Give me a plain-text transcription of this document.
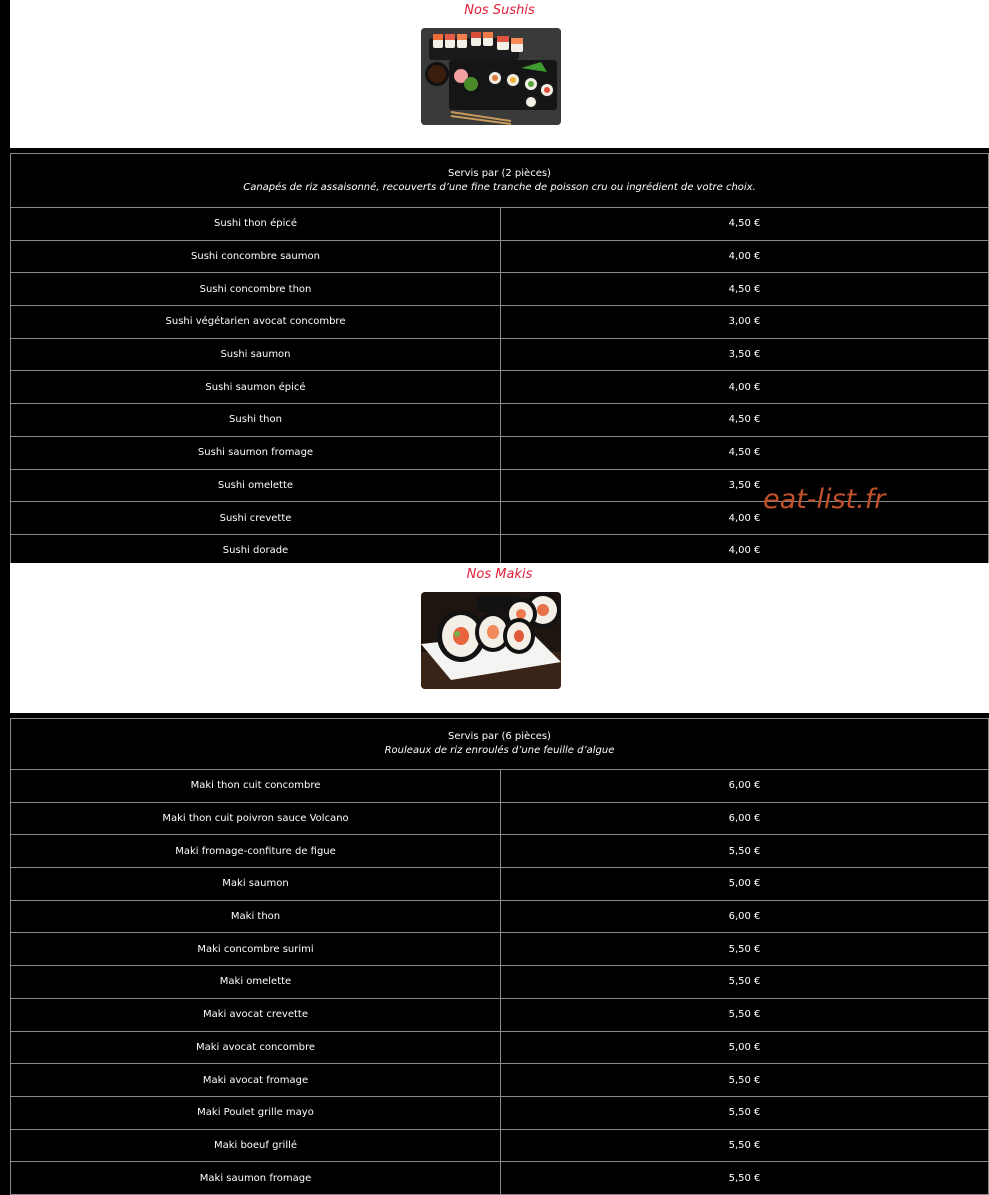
Nos Sushis
Servis par (2 pièces)
Canapés de riz assaisonné, recouverts d’une fine tranche de poisson cru ou ingrédient de votre choix.	

Sushi thon épicé	4,50 €
Sushi concombre saumon	4,00 €
Sushi concombre thon	4,50 €
Sushi végétarien avocat concombre	3,00 €
Sushi saumon	3,50 €
Sushi saumon épicé	4,00 €
Sushi thon	4,50 €
Sushi saumon fromage	4,50 €
Sushi omelette	3,50 €
Sushi crevette	4,00 €
Sushi dorade	4,00 €
Nos Makis
Servis par (6 pièces)
Rouleaux de riz enroulés d’une feuille d’algue	

Maki thon cuit concombre	6,00 €
Maki thon cuit poivron sauce Volcano	6,00 €
Maki fromage-confiture de figue	5,50 €
Maki saumon	5,00 €
Maki thon	6,00 €
Maki concombre surimi	5,50 €
Maki omelette	5,50 €
Maki avocat crevette	5,50 €
Maki avocat concombre	5,00 €
Maki avocat fromage	5,50 €
Maki Poulet grille mayo	5,50 €
Maki boeuf grillé	5,50 €
Maki saumon fromage	5,50 €
eat-list.fr
